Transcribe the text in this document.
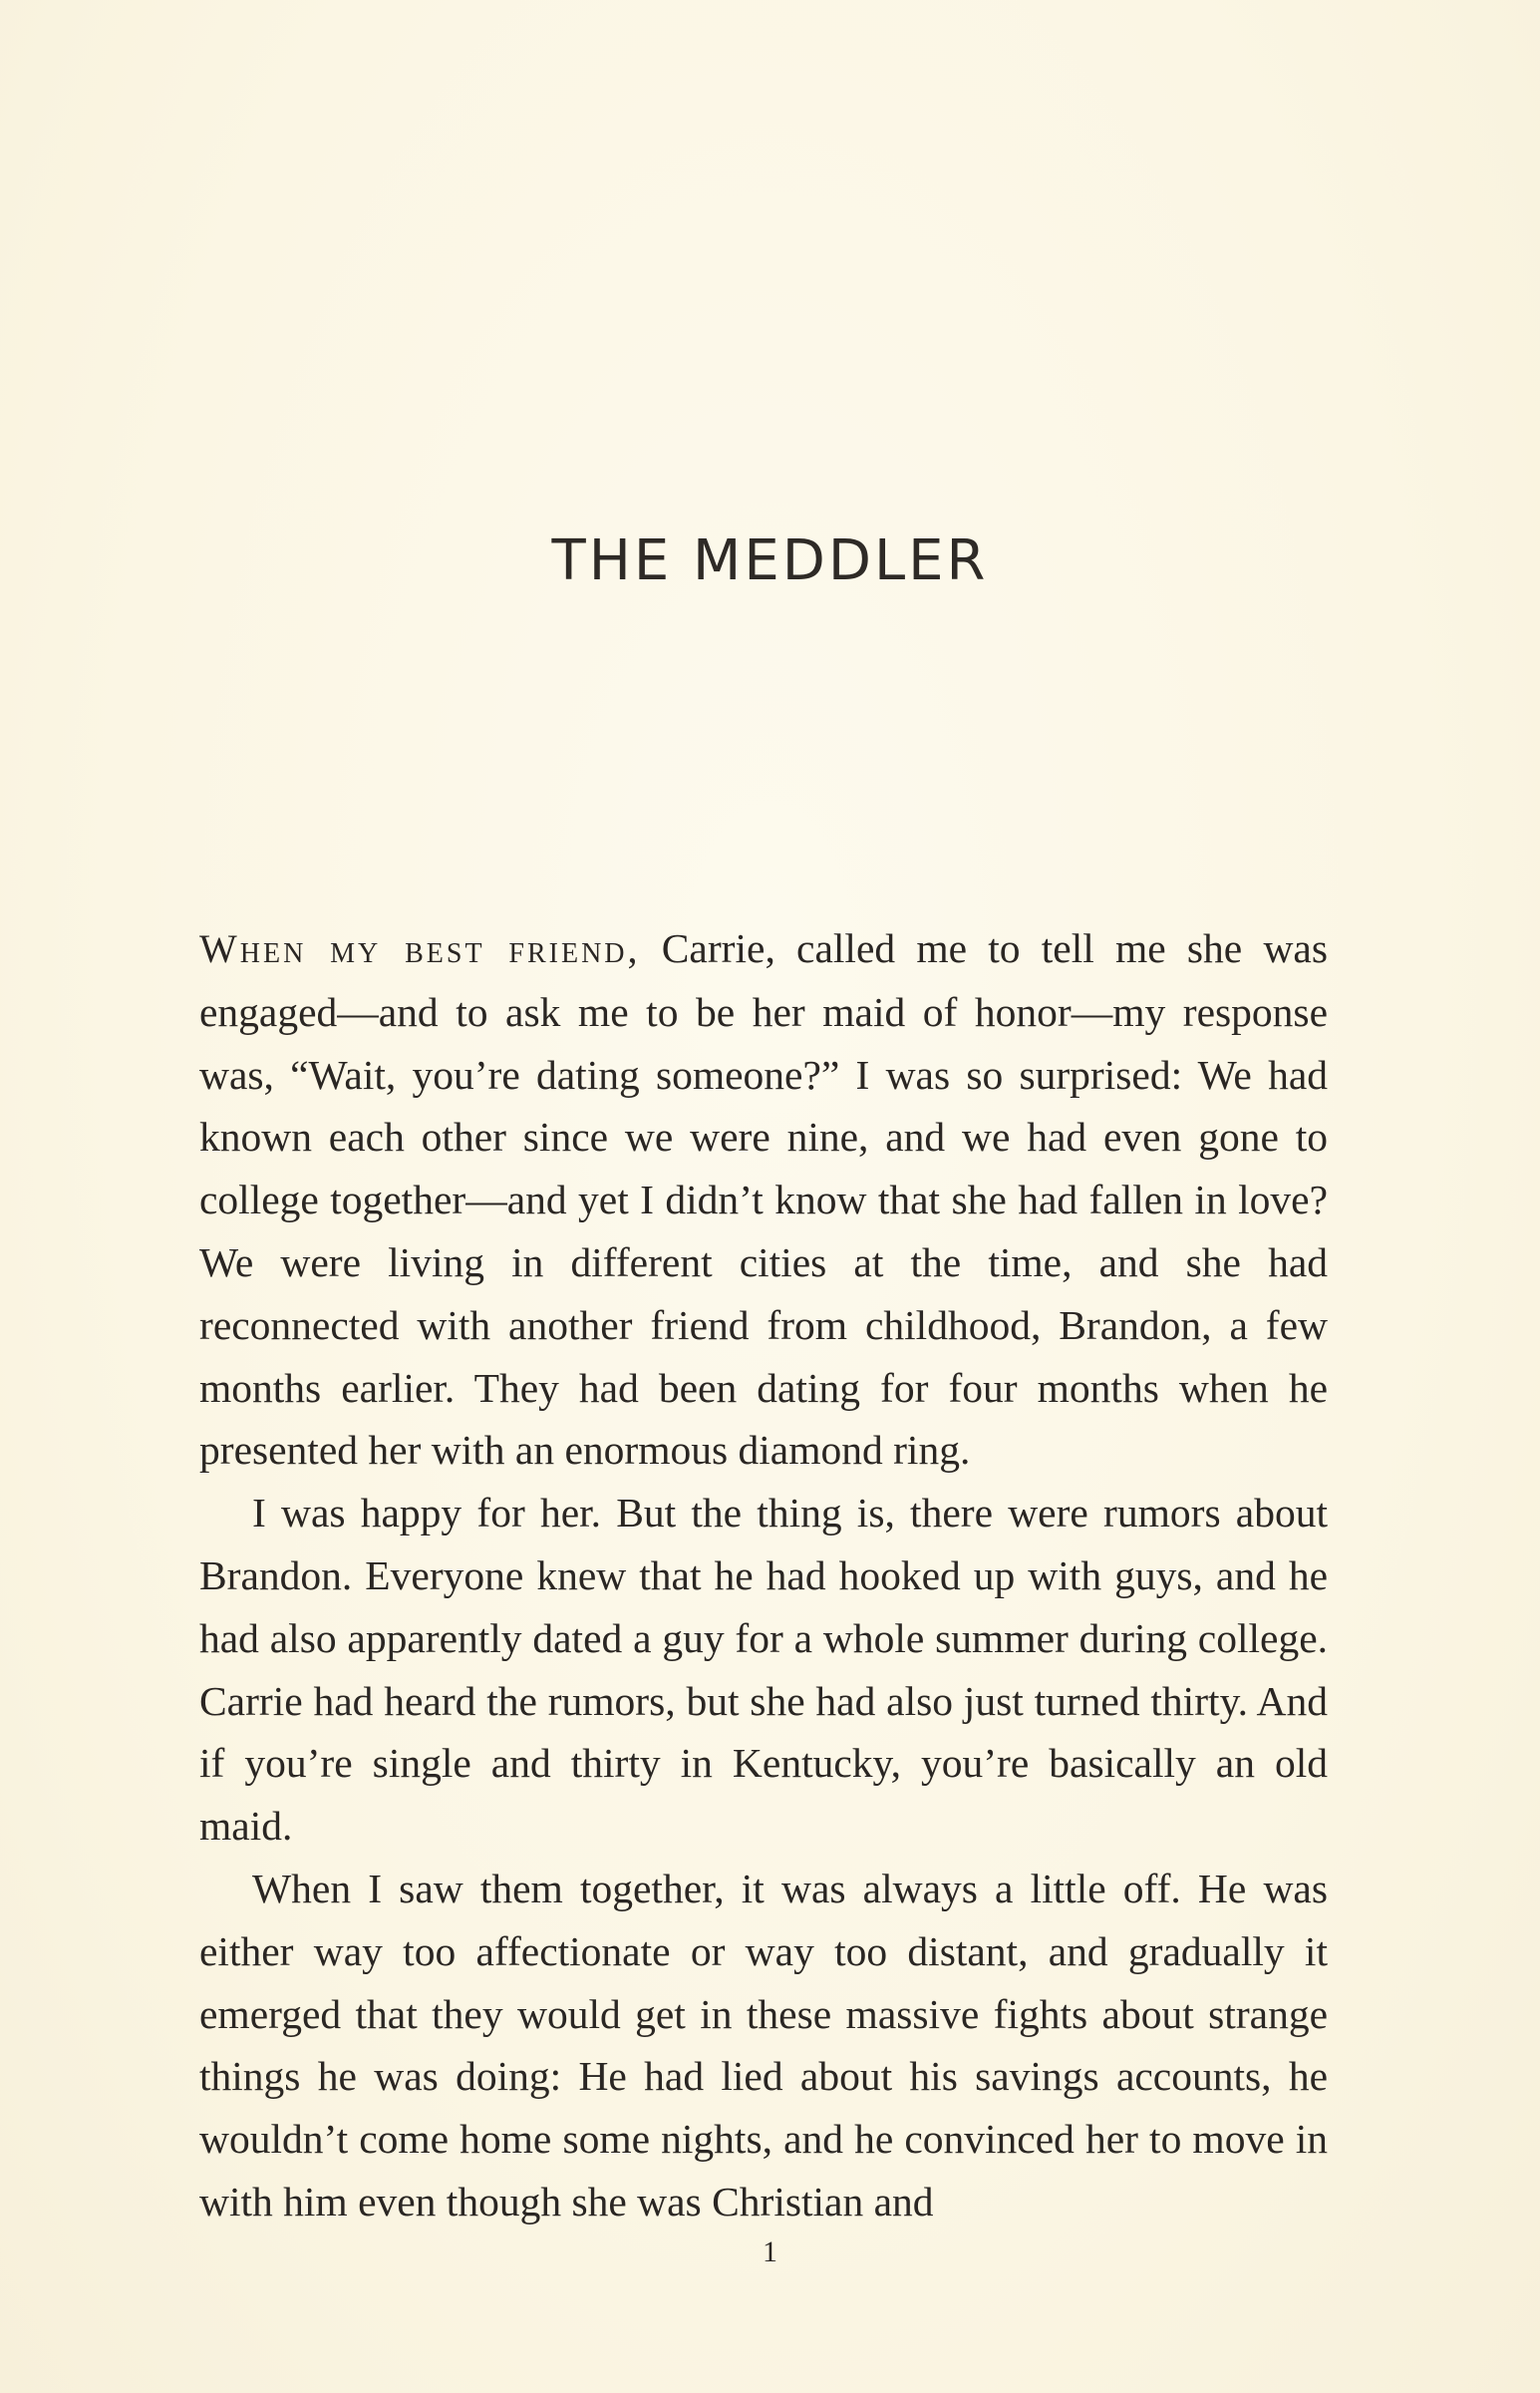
THE MEDDLER

When my best friend, Carrie, called me to tell me she was engaged—and to ask me to be her maid of honor—my response was, “Wait, you’re dating someone?” I was so surprised: We had known each other since we were nine, and we had even gone to college together—and yet I didn’t know that she had fallen in love? We were living in different cities at the time, and she had reconnected with another friend from childhood, Brandon, a few months earlier. They had been dating for four months when he presented her with an enormous diamond ring.

I was happy for her. But the thing is, there were rumors about Brandon. Everyone knew that he had hooked up with guys, and he had also apparently dated a guy for a whole summer during college. Carrie had heard the rumors, but she had also just turned thirty. And if you’re single and thirty in Kentucky, you’re basically an old maid.

When I saw them together, it was always a little off. He was either way too affectionate or way too distant, and gradually it emerged that they would get in these massive fights about strange things he was doing: He had lied about his savings accounts, he wouldn’t come home some nights, and he convinced her to move in with him even though she was Christian and

1
